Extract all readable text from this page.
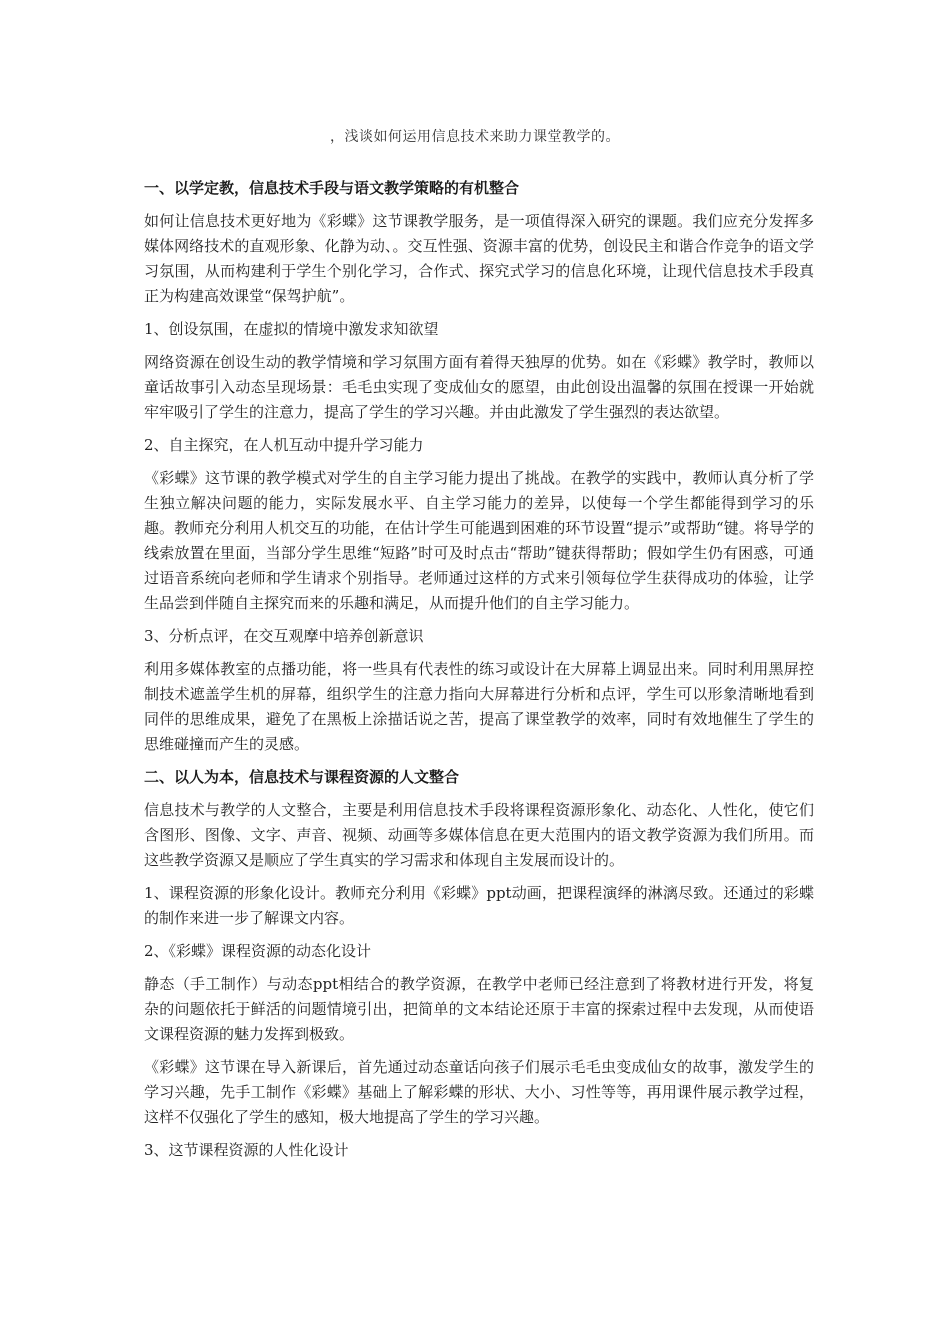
，浅谈如何运用信息技术来助力课堂教学的。
一、以学定教，信息技术手段与语文教学策略的有机整合
如何让信息技术更好地为《彩蝶》这节课教学服务，是一项值得深入研究的课题。我们应充分发挥多媒体网络技术的直观形象、化静为动、。交互性强、资源丰富的优势，创设民主和谐合作竞争的语文学习氛围，从而构建利于学生个别化学习，合作式、探究式学习的信息化环境，让现代信息技术手段真正为构建高效课堂“保驾护航”。
1、创设氛围，在虚拟的情境中激发求知欲望
网络资源在创设生动的教学情境和学习氛围方面有着得天独厚的优势。如在《彩蝶》教学时，教师以童话故事引入动态呈现场景：毛毛虫实现了变成仙女的愿望，由此创设出温馨的氛围在授课一开始就牢牢吸引了学生的注意力，提高了学生的学习兴趣。并由此激发了学生强烈的表达欲望。
2、自主探究，在人机互动中提升学习能力
《彩蝶》这节课的教学模式对学生的自主学习能力提出了挑战。在教学的实践中，教师认真分析了学生独立解决问题的能力，实际发展水平、自主学习能力的差异，以使每一个学生都能得到学习的乐趣。教师充分利用人机交互的功能，在估计学生可能遇到困难的环节设置“提示”或帮助“键。将导学的线索放置在里面，当部分学生思维“短路”时可及时点击“帮助”键获得帮助；假如学生仍有困惑，可通过语音系统向老师和学生请求个别指导。老师通过这样的方式来引领每位学生获得成功的体验，让学生品尝到伴随自主探究而来的乐趣和满足，从而提升他们的自主学习能力。
3、分析点评，在交互观摩中培养创新意识
利用多媒体教室的点播功能，将一些具有代表性的练习或设计在大屏幕上调显出来。同时利用黑屏控制技术遮盖学生机的屏幕，组织学生的注意力指向大屏幕进行分析和点评，学生可以形象清晰地看到同伴的思维成果，避免了在黑板上涂描话说之苦，提高了课堂教学的效率，同时有效地催生了学生的思维碰撞而产生的灵感。
二、以人为本，信息技术与课程资源的人文整合
信息技术与教学的人文整合，主要是利用信息技术手段将课程资源形象化、动态化、人性化，使它们含图形、图像、文字、声音、视频、动画等多媒体信息在更大范围内的语文教学资源为我们所用。而这些教学资源又是顺应了学生真实的学习需求和体现自主发展而设计的。
1、课程资源的形象化设计。教师充分利用《彩蝶》ppt动画，把课程演绎的淋漓尽致。还通过的彩蝶的制作来进一步了解课文内容。
2、《彩蝶》课程资源的动态化设计
静态（手工制作）与动态ppt相结合的教学资源，在教学中老师已经注意到了将教材进行开发，将复杂的问题依托于鲜活的问题情境引出，把简单的文本结论还原于丰富的探索过程中去发现，从而使语文课程资源的魅力发挥到极致。
《彩蝶》这节课在导入新课后，首先通过动态童话向孩子们展示毛毛虫变成仙女的故事，激发学生的学习兴趣，先手工制作《彩蝶》基础上了解彩蝶的形状、大小、习性等等，再用课件展示教学过程，这样不仅强化了学生的感知，极大地提高了学生的学习兴趣。
3、这节课程资源的人性化设计
